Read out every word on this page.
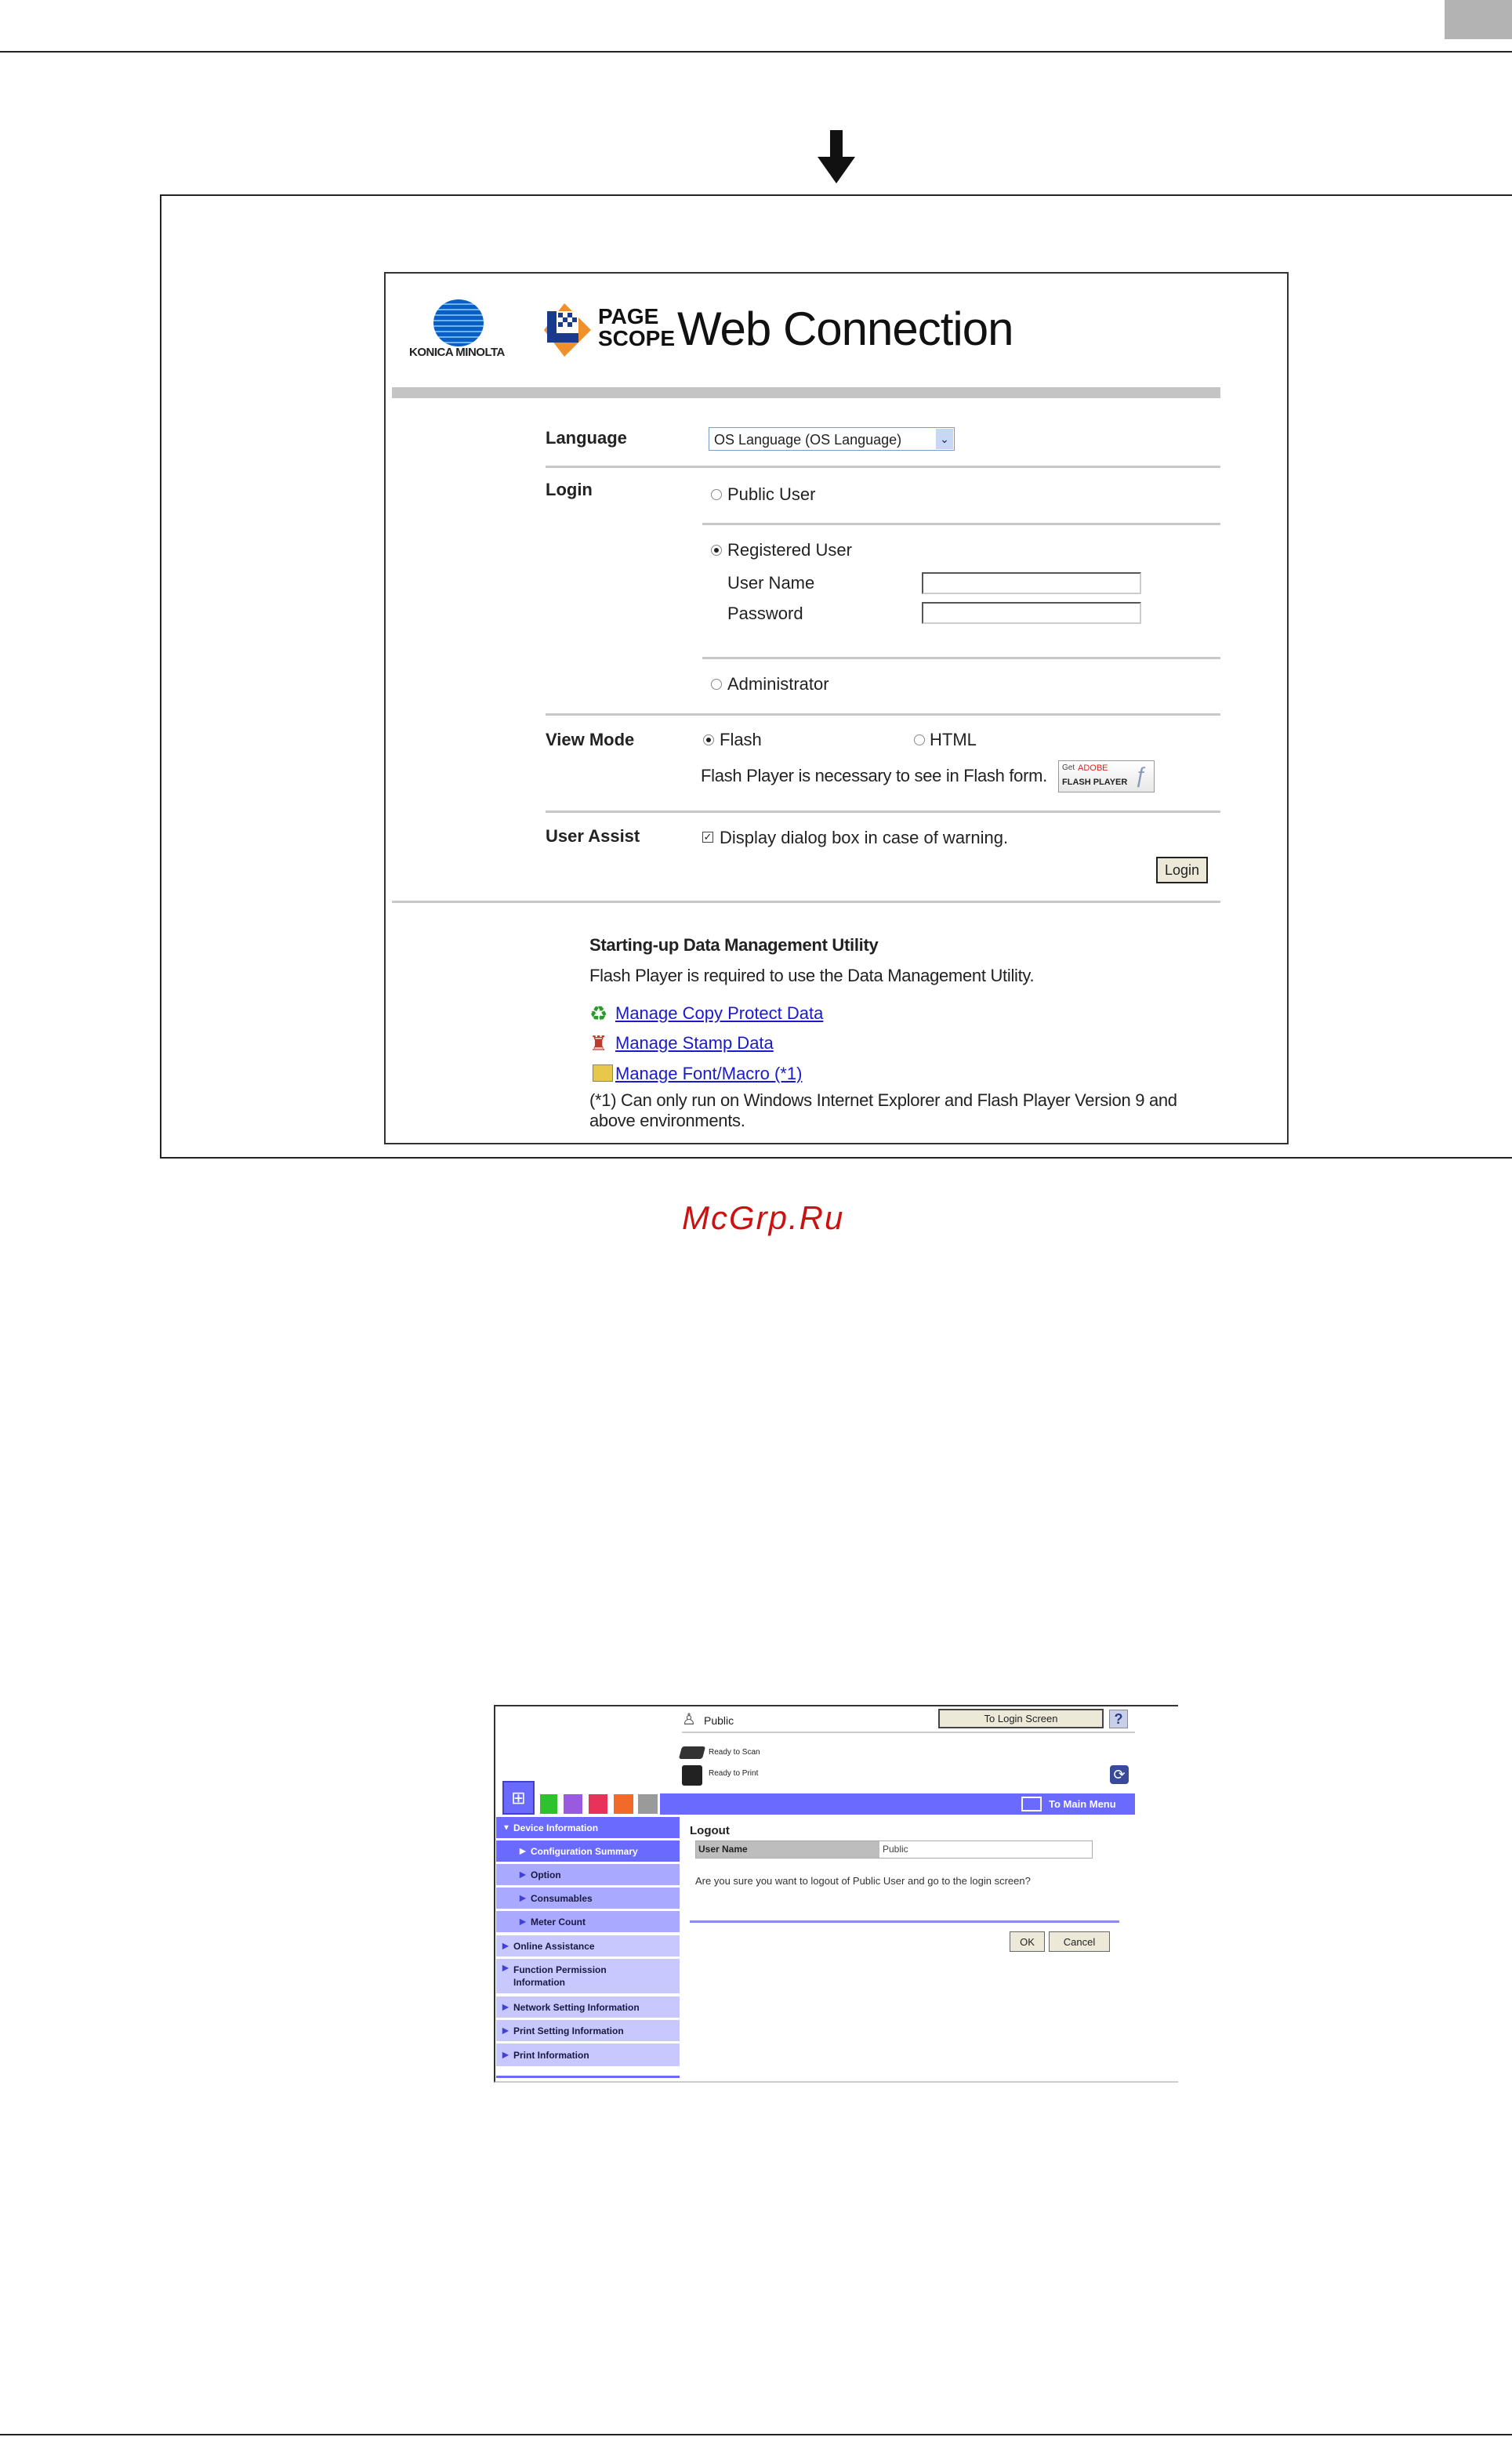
KONICA MINOLTA
PAGE SCOPE Web Connection
Language	OS Language (OS Language)	⌄
Login	Public User
Registered User
User Name
Password
Administrator
View Mode	Flash	HTML
Flash Player is necessary to see in Flash form. Get ADOBE
FLASH PLAYER ƒ
User Assist	✓ Display dialog box in case of warning.
Login
Starting-up Data Management Utility
Flash Player is required to use the Data Management Utility.
♻ Manage Copy Protect Data
♜ Manage Stamp Data
Manage Font/Macro (*1)
(*1) Can only run on Windows Internet Explorer and Flash Player Version 9 and
above environments.
McGrp.Ru
♙ Public	To Login Screen	?
Ready to Scan
Ready to Print	⟳
⊞	To Main Menu
▼ Device Information
▶ Configuration Summary
▶ Option
▶ Consumables
▶ Meter Count
▶ Online Assistance
▶ Function Permission Information
▶ Network Setting Information
▶ Print Setting Information
▶ Print Information
Logout
User Name	Public
Are you sure you want to logout of Public User and go to the login screen?
OK	Cancel
